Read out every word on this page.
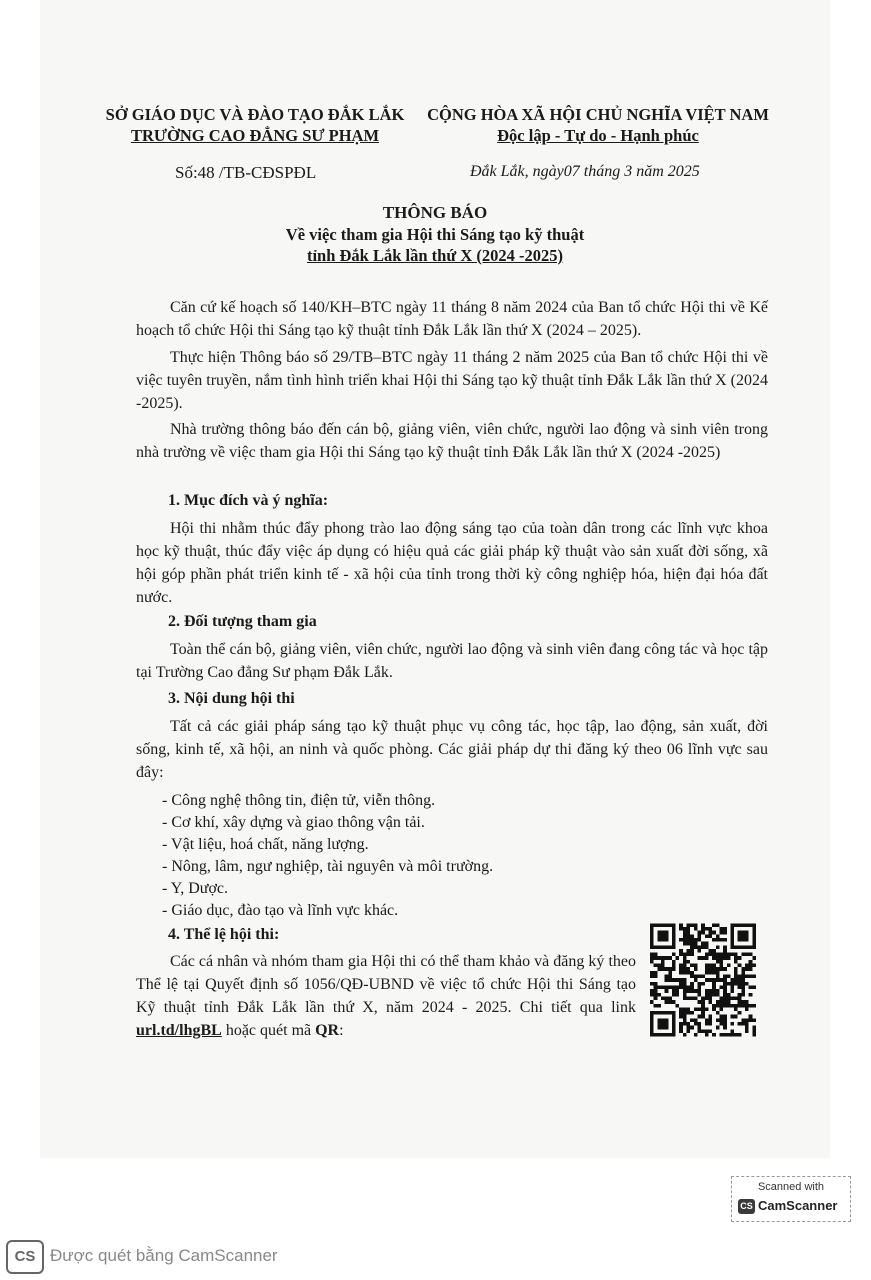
SỞ GIÁO DỤC VÀ ĐÀO TẠO ĐẮK LẮK
TRƯỜNG CAO ĐẲNG SƯ PHẠM
CỘNG HÒA XÃ HỘI CHỦ NGHĨA VIỆT NAM
Độc lập - Tự do - Hạnh phúc
Số:48 /TB-CĐSPĐL	Đắk Lắk, ngày07 tháng 3 năm 2025
THÔNG BÁO
Về việc tham gia Hội thi Sáng tạo kỹ thuật
tỉnh Đắk Lắk lần thứ X (2024 -2025)
Căn cứ kế hoạch số 140/KH–BTC ngày 11 tháng 8 năm 2024 của Ban tổ chức Hội thi về Kế hoạch tổ chức Hội thi Sáng tạo kỹ thuật tỉnh Đắk Lắk lần thứ X (2024 – 2025).
Thực hiện Thông báo số 29/TB–BTC ngày 11 tháng 2 năm 2025 của Ban tổ chức Hội thi về việc tuyên truyền, nắm tình hình triển khai Hội thi Sáng tạo kỹ thuật tỉnh Đắk Lắk lần thứ X (2024 -2025).
Nhà trường thông báo đến cán bộ, giảng viên, viên chức, người lao động và sinh viên trong nhà trường về việc tham gia Hội thi Sáng tạo kỹ thuật tỉnh Đắk Lắk lần thứ X (2024 -2025)
1. Mục đích và ý nghĩa:
Hội thi nhằm thúc đẩy phong trào lao động sáng tạo của toàn dân trong các lĩnh vực khoa học kỹ thuật, thúc đẩy việc áp dụng có hiệu quả các giải pháp kỹ thuật vào sản xuất đời sống, xã hội góp phần phát triển kinh tế - xã hội của tỉnh trong thời kỳ công nghiệp hóa, hiện đại hóa đất nước.
2. Đối tượng tham gia
Toàn thể cán bộ, giảng viên, viên chức, người lao động và sinh viên đang công tác và học tập tại Trường Cao đẳng Sư phạm Đắk Lắk.
3. Nội dung hội thi
Tất cả các giải pháp sáng tạo kỹ thuật phục vụ công tác, học tập, lao động, sản xuất, đời sống, kinh tế, xã hội, an ninh và quốc phòng. Các giải pháp dự thi đăng ký theo 06 lĩnh vực sau đây:
- Công nghệ thông tin, điện tử, viễn thông.
- Cơ khí, xây dựng và giao thông vận tải.
- Vật liệu, hoá chất, năng lượng.
- Nông, lâm, ngư nghiệp, tài nguyên và môi trường.
- Y, Dược.
- Giáo dục, đào tạo và lĩnh vực khác.
4. Thể lệ hội thi:
Các cá nhân và nhóm tham gia Hội thi có thể tham khảo và đăng ký theo Thể lệ tại Quyết định số 1056/QĐ-UBND về việc tổ chức Hội thi Sáng tạo Kỹ thuật tỉnh Đắk Lắk lần thứ X, năm 2024 - 2025. Chi tiết qua link url.td/lhgBL hoặc quét mã QR:
Scanned with
CS CamScanner
CS Được quét bằng CamScanner
